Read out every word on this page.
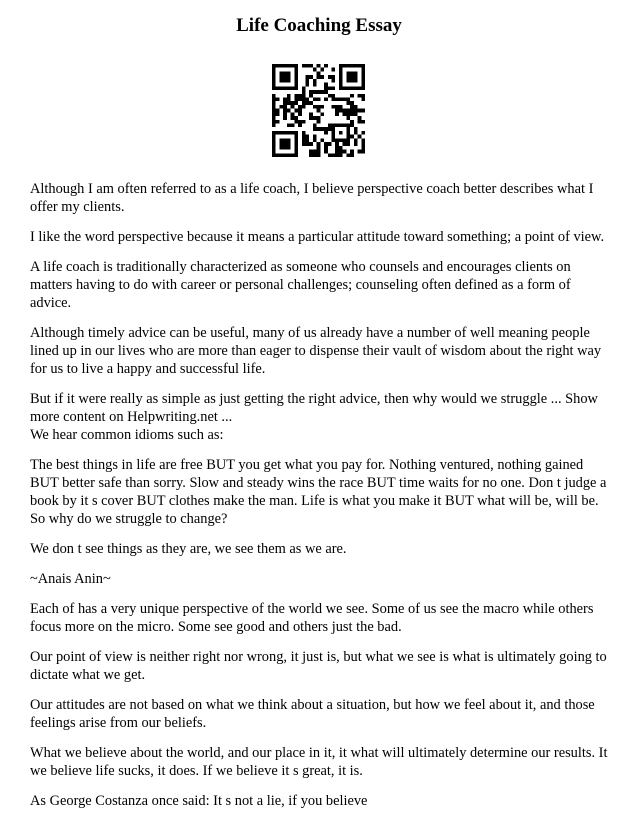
Life Coaching Essay

Although I am often referred to as a life coach, I believe perspective coach better describes what I offer my clients.

I like the word perspective because it means a particular attitude toward something; a point of view.

A life coach is traditionally characterized as someone who counsels and encourages clients on matters having to do with career or personal challenges; counseling often defined as a form of advice.

Although timely advice can be useful, many of us already have a number of well meaning people lined up in our lives who are more than eager to dispense their vault of wisdom about the right way for us to live a happy and successful life.

But if it were really as simple as just getting the right advice, then why would we struggle ... Show more content on Helpwriting.net ...

We hear common idioms such as:

The best things in life are free BUT you get what you pay for. Nothing ventured, nothing gained BUT better safe than sorry. Slow and steady wins the race BUT time waits for no one. Don t judge a book by it s cover BUT clothes make the man. Life is what you make it BUT what will be, will be.

So why do we struggle to change?

We don t see things as they are, we see them as we are.

~Anais Anin~

Each of has a very unique perspective of the world we see. Some of us see the macro while others focus more on the micro. Some see good and others just the bad.

Our point of view is neither right nor wrong, it just is, but what we see is what is ultimately going to dictate what we get.

Our attitudes are not based on what we think about a situation, but how we feel about it, and those feelings arise from our beliefs.

What we believe about the world, and our place in it, it what will ultimately determine our results. It we believe life sucks, it does. If we believe it s great, it is.

As George Costanza once said: It s not a lie, if you believe
